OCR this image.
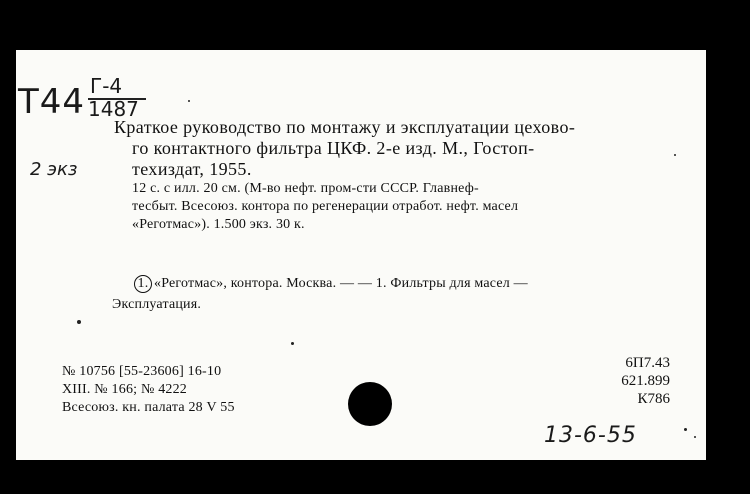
Т44 Г-4
1487
2 экз
Краткое руководство по монтажу и эксплуатации цехово-
го контактного фильтра ЦКФ. 2-е изд. М., Гостоп-
техиздат, 1955.
12 с. с илл. 20 см. (М-во нефт. пром-сти СССР. Главнеф-
тесбыт. Всесоюз. контора по регенерации отработ. нефт. масел
«Реготмас»). 1.500 экз. 30 к.
1. «Реготмас», контора. Москва. — — 1. Фильтры для масел —
Эксплуатация.
№ 10756 [55-23606] 16-10
XIII. № 166; № 4222
Всесоюз. кн. палата 28 V 55
6П7.43
621.899
К786
13-6-55
